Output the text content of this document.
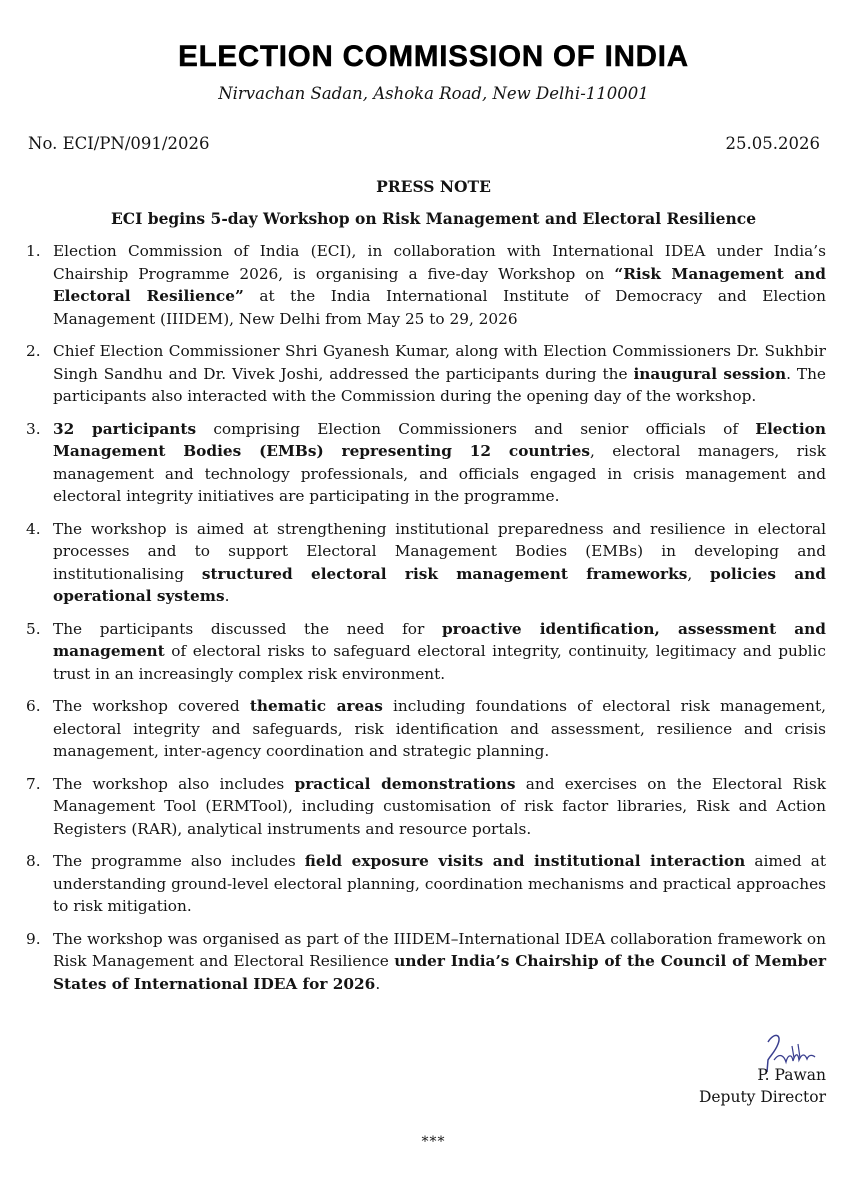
ELECTION COMMISSION OF INDIA
Nirvachan Sadan, Ashoka Road, New Delhi-110001
No. ECI/PN/091/2026	25.05.2026
PRESS NOTE
ECI begins 5-day Workshop on Risk Management and Electoral Resilience
1. Election Commission of India (ECI), in collaboration with International IDEA under India’s Chairship Programme 2026, is organising a five-day Workshop on “Risk Management and Electoral Resilience” at the India International Institute of Democracy and Election Management (IIIDEM), New Delhi from May 25 to 29, 2026
2. Chief Election Commissioner Shri Gyanesh Kumar, along with Election Commissioners Dr. Sukhbir Singh Sandhu and Dr. Vivek Joshi, addressed the participants during the inaugural session. The participants also interacted with the Commission during the opening day of the workshop.
3. 32 participants comprising Election Commissioners and senior officials of Election Management Bodies (EMBs) representing 12 countries, electoral managers, risk management and technology professionals, and officials engaged in crisis management and electoral integrity initiatives are participating in the programme.
4. The workshop is aimed at strengthening institutional preparedness and resilience in electoral processes and to support Electoral Management Bodies (EMBs) in developing and institutionalising structured electoral risk management frameworks, policies and operational systems.
5. The participants discussed the need for proactive identification, assessment and management of electoral risks to safeguard electoral integrity, continuity, legitimacy and public trust in an increasingly complex risk environment.
6. The workshop covered thematic areas including foundations of electoral risk management, electoral integrity and safeguards, risk identification and assessment, resilience and crisis management, inter-agency coordination and strategic planning.
7. The workshop also includes practical demonstrations and exercises on the Electoral Risk Management Tool (ERMTool), including customisation of risk factor libraries, Risk and Action Registers (RAR), analytical instruments and resource portals.
8. The programme also includes field exposure visits and institutional interaction aimed at understanding ground-level electoral planning, coordination mechanisms and practical approaches to risk mitigation.
9. The workshop was organised as part of the IIIDEM–International IDEA collaboration framework on Risk Management and Electoral Resilience under India’s Chairship of the Council of Member States of International IDEA for 2026.
P. Pawan
Deputy Director
***
